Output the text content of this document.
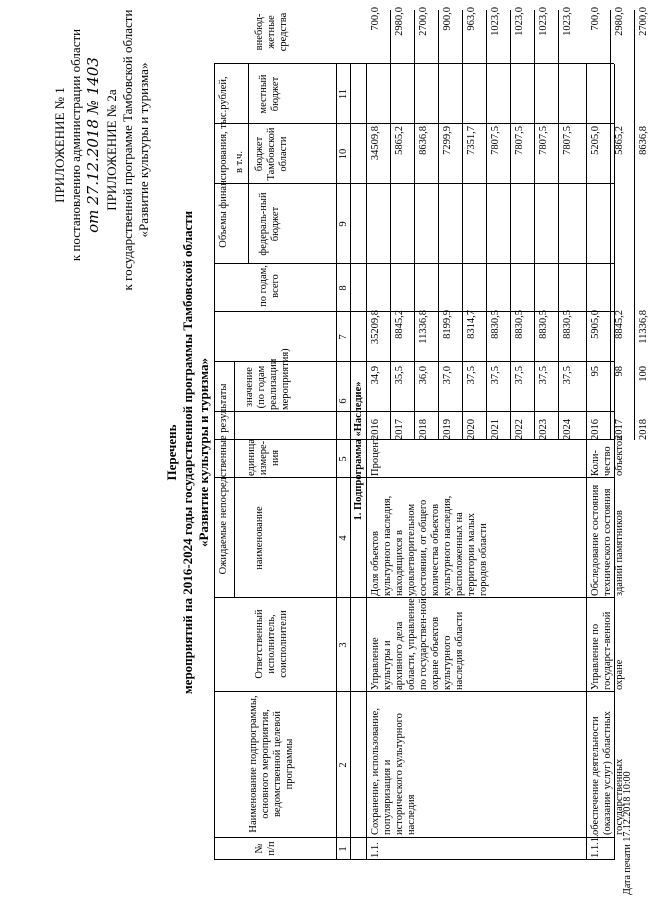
ПРИЛОЖЕНИЕ № 1 к постановлению администрации области от 27.12.2018 № 1403 ПРИЛОЖЕНИЕ № 2а к государственной программе Тамбовской области «Развитие культуры и туризма»
Перечень мероприятий на 2016-2024 годы государственной программы Тамбовской области «Развитие культуры и туризма»
№ п/п
Наименование подпрограммы, основного мероприятия, ведомственной целевой программы
Ответственный исполнитель, соисполнители
Ожидаемые непосредственные результаты наименование
единица измере-ния
значение (по годам реализации мероприятия)
Объемы финансирования, тыс.рублей,
по годам, всего
в т.ч.
федераль-ный бюджет
бюджет Тамбовской области
местный бюджет
внебюд-жетные средства
1
2
3
4
5
6
7
8
9
10
11
1. Подпрограмма «Наследие»
1.1.
Сохранение, использование, популяризация и исторического культурного наследия
Управление культуры и архивного дела области, управление по государствен-ной охране объектов культурного наследия области
Доля объектов культурного наследия, находящихся в удовлетворительном состоянии, от общего количества объектов культурного наследия, расположенных на территории малых городов области
Процент
1.1.1.
обеспечение деятельности (оказание услуг) областных государственных
Управление по государст-венной охране
Обследование состояния технического состояния зданий памятников
Коли-чество объектов
2016
34,9
35209,8
34509,8
700,0
2017
35,5
8845,2
5865,2
2980,0
2018
36,0
11336,8
8636,8
2700,0
2019
37,0
8199,9
7299,9
900,0
2020
37,5
8314,7
7351,7
963,0
2021
37,5
8830,5
7807,5
1023,0
2022
37,5
8830,5
7807,5
1023,0
2023
37,5
8830,5
7807,5
1023,0
2024
37,5
8830,5
7807,5
1023,0
2016
95
5905,0
5205,0
700,0
2017
98
8845,2
5865,2
2980,0
2018
100
11336,8
8636,8
2700,0
Дата печати 17.12.2018 10:00
